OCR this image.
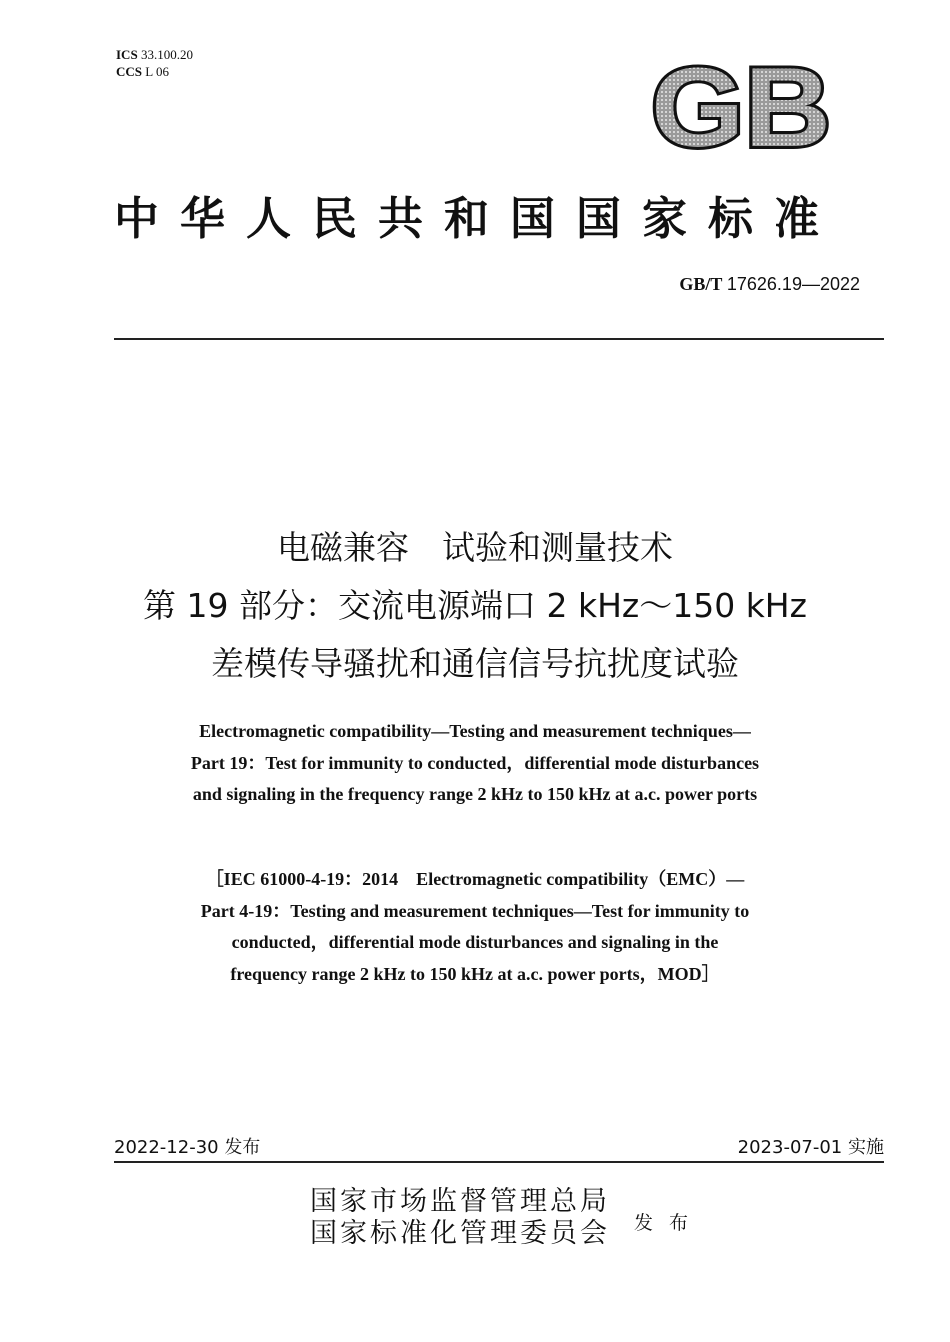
ICS 33.100.20
CCS L 06	GB
中华人民共和国国家标准
GB/T 17626.19—2022
电磁兼容　试验和测量技术
第 19 部分：交流电源端口 2 kHz～150 kHz
差模传导骚扰和通信信号抗扰度试验
Electromagnetic compatibility—Testing and measurement techniques—
Part 19：Test for immunity to conducted，differential mode disturbances
and signaling in the frequency range 2 kHz to 150 kHz at a.c. power ports
［IEC 61000-4-19：2014　Electromagnetic compatibility（EMC）—
Part 4-19：Testing and measurement techniques—Test for immunity to
conducted，differential mode disturbances and signaling in the
frequency range 2 kHz to 150 kHz at a.c. power ports，MOD］
2022-12-30 发布	2023-07-01 实施
国家市场监督管理总局
国家标准化管理委员会 发布
